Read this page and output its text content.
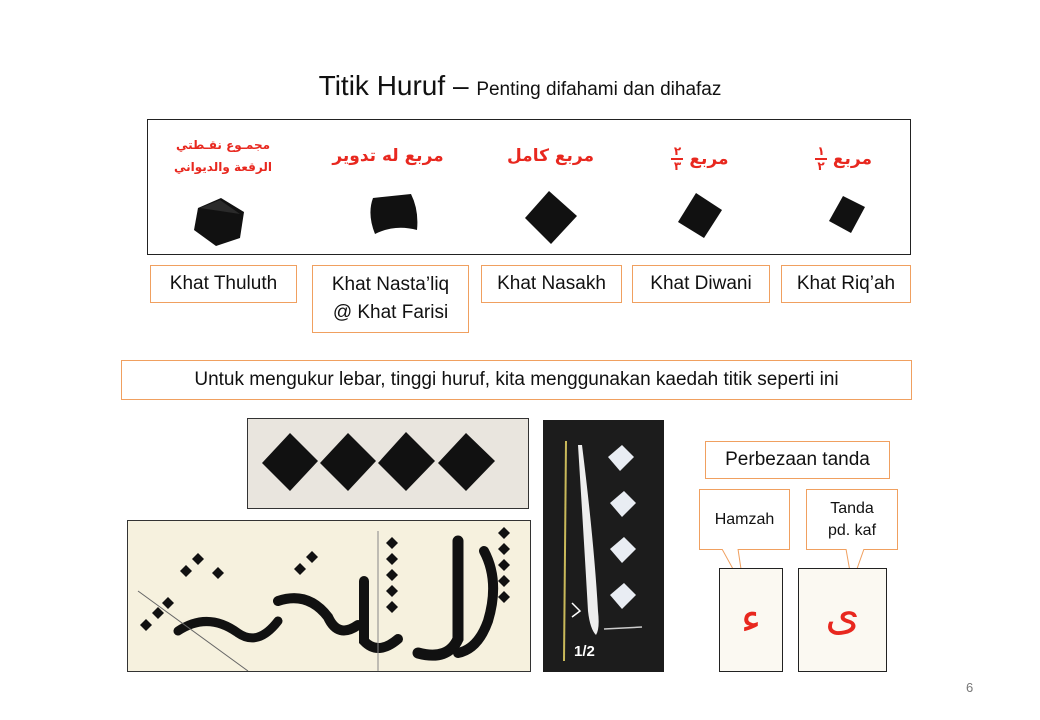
Titik Huruf – Penting difahami dan dihafaz
مجمـوع نقـطتي
الرقعة والديواني
مربع له تدوير	مربع كامل	مربع
$\frac{٢}{٣}$	مربع
$\frac{١}{٢}$
Khat Thuluth	Khat Nasta’liq
@ Khat Farisi
Khat Nasakh Khat Diwani Khat Riq’ah
Untuk mengukur lebar, tinggi huruf, kita menggunakan kaedah titik seperti ini
1/2
Perbezaan tanda
Hamzah
Tanda
pd. kaf
ء	ی
6
